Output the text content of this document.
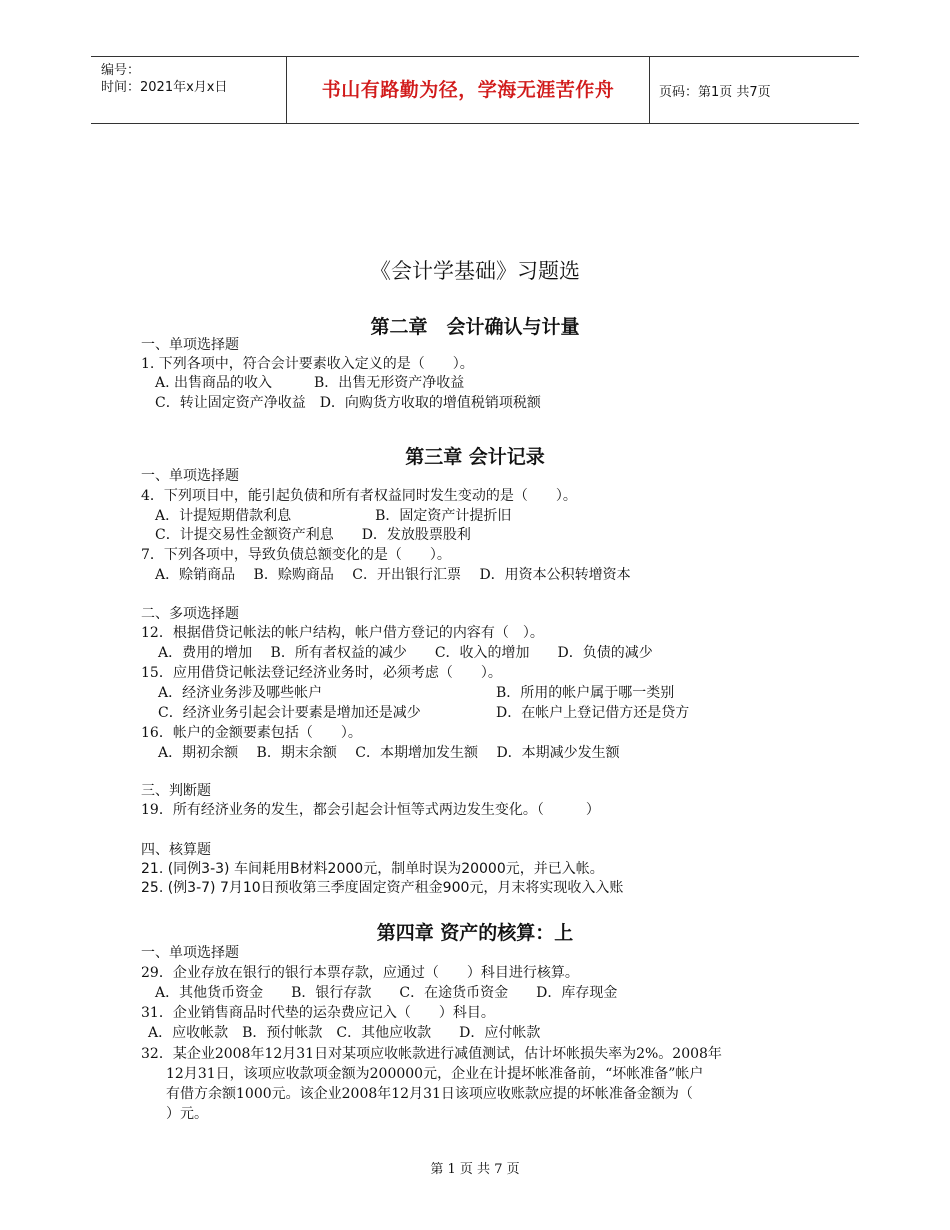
编号：
时间：2021年x月x日	书山有路勤为径，学海无涯苦作舟	页码：第1页 共7页
《会计学基础》习题选
第二章　会计确认与计量
一、单项选择题
1. 下列各项中，符合会计要素收入定义的是（　　）。
A. 出售商品的收入　　　B．出售无形资产净收益
C．转让固定资产净收益　D．向购货方收取的增值税销项税额
第三章 会计记录
一、单项选择题
4．下列项目中，能引起负债和所有者权益同时发生变动的是（　　）。
A．计提短期借款利息　　　　　　B．固定资产计提折旧
C．计提交易性金额资产利息　　D．发放股票股利
7．下列各项中，导致负债总额变化的是（　　）。
A．赊销商品　 B．赊购商品　 C．开出银行汇票　 D．用资本公积转增资本
二、多项选择题
12．根据借贷记帐法的帐户结构，帐户借方登记的内容有（　）。
A．费用的增加　 B．所有者权益的减少　　C．收入的增加　　D．负债的减少
15．应用借贷记帐法登记经济业务时，必须考虑（　　）。
A．经济业务涉及哪些帐户	B．所用的帐户属于哪一类别
C．经济业务引起会计要素是增加还是减少	D．在帐户上登记借方还是贷方
16．帐户的金额要素包括（　　）。
A．期初余额　 B．期末余额　 C．本期增加发生额　 D．本期减少发生额
三、判断题
19．所有经济业务的发生，都会引起会计恒等式两边发生变化。（　　　）
四、核算题
21. (同例3-3) 车间耗用B材料2000元，制单时误为20000元，并已入帐。
25. (例3-7) 7月10日预收第三季度固定资产租金900元，月末将实现收入入账
第四章 资产的核算：上
一、单项选择题
29．企业存放在银行的银行本票存款，应通过（　　）科目进行核算。
A．其他货币资金　　B．银行存款　　C．在途货币资金　　D．库存现金
31．企业销售商品时代垫的运杂费应记入（　　）科目。
A．应收帐款　B．预付帐款　C．其他应收款　　D．应付帐款
32．某企业2008年12月31日对某项应收帐款进行减值测试，估计坏帐损失率为2%。2008年
12月31日，该项应收款项金额为200000元，企业在计提坏帐准备前，“坏帐准备”帐户
有借方余额1000元。该企业2008年12月31日该项应收账款应提的坏帐准备金额为（
）元。
第 1 页 共 7 页
